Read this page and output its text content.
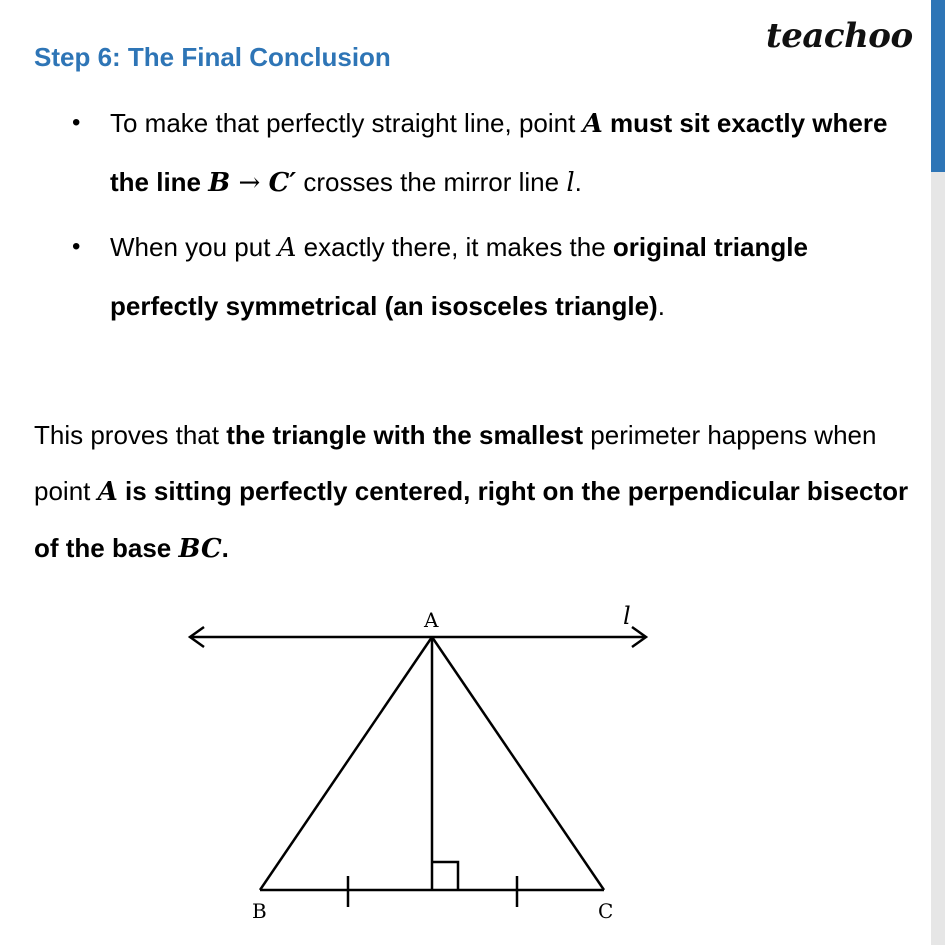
teachoo
Step 6: The Final Conclusion
• To make that perfectly straight line, point A must sit exactly where the line B → C′ crosses the mirror line l.
• When you put A exactly there, it makes the original triangle perfectly symmetrical (an isosceles triangle).
This proves that the triangle with the smallest perimeter happens when point A is sitting perfectly centered, right on the perpendicular bisector of the base BC.
A
B	C
l
